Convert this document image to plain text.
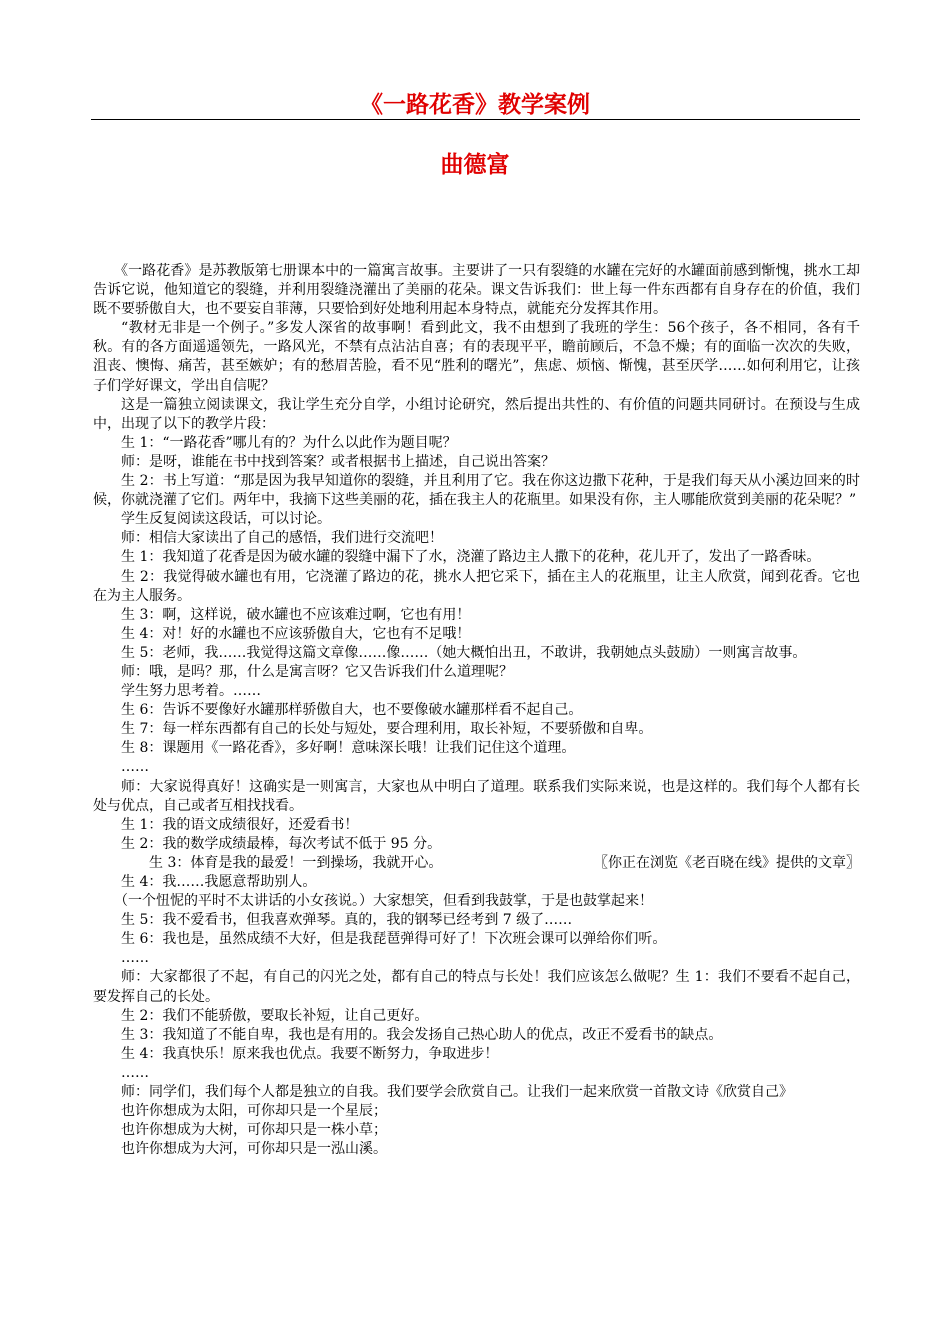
《一路花香》教学案例
曲德富

《一路花香》是苏教版第七册课本中的一篇寓言故事。主要讲了一只有裂缝的水罐在完好的水罐面前感到惭愧，挑水工却告诉它说，他知道它的裂缝，并利用裂缝浇灌出了美丽的花朵。课文告诉我们：世上每一件东西都有自身存在的价值，我们既不要骄傲自大，也不要妄自菲薄，只要恰到好处地利用起本身特点，就能充分发挥其作用。

“教材无非是一个例子。”多发人深省的故事啊！看到此文，我不由想到了我班的学生：56个孩子，各不相同，各有千秋。有的各方面遥遥领先，一路风光，不禁有点沾沾自喜；有的表现平平，瞻前顾后，不急不燥；有的面临一次次的失败，沮丧、懊悔、痛苦，甚至嫉妒；有的愁眉苦脸，看不见“胜利的曙光”，焦虑、烦恼、惭愧，甚至厌学……如何利用它，让孩子们学好课文，学出自信呢？

这是一篇独立阅读课文，我让学生充分自学，小组讨论研究，然后提出共性的、有价值的问题共同研讨。在预设与生成中，出现了以下的教学片段：

生 1：“一路花香”哪儿有的？为什么以此作为题目呢？

师：是呀，谁能在书中找到答案？或者根据书上描述，自己说出答案？

生 2：书上写道：“那是因为我早知道你的裂缝，并且利用了它。我在你这边撒下花种，于是我们每天从小溪边回来的时候，你就浇灌了它们。两年中，我摘下这些美丽的花，插在我主人的花瓶里。如果没有你，主人哪能欣赏到美丽的花朵呢？”

学生反复阅读这段话，可以讨论。

师：相信大家读出了自己的感悟，我们进行交流吧！

生 1：我知道了花香是因为破水罐的裂缝中漏下了水，浇灌了路边主人撒下的花种，花儿开了，发出了一路香味。

生 2：我觉得破水罐也有用，它浇灌了路边的花，挑水人把它采下，插在主人的花瓶里，让主人欣赏，闻到花香。它也在为主人服务。

生 3：啊，这样说，破水罐也不应该难过啊，它也有用！

生 4：对！好的水罐也不应该骄傲自大，它也有不足哦！

生 5：老师，我……我觉得这篇文章像……像……（她大概怕出丑，不敢讲，我朝她点头鼓励）一则寓言故事。

师：哦，是吗？那，什么是寓言呀？它又告诉我们什么道理呢？

学生努力思考着。……

生 6：告诉不要像好水罐那样骄傲自大，也不要像破水罐那样看不起自己。

生 7：每一样东西都有自己的长处与短处，要合理利用，取长补短，不要骄傲和自卑。

生 8：课题用《一路花香》，多好啊！意味深长哦！让我们记住这个道理。

……

师：大家说得真好！这确实是一则寓言，大家也从中明白了道理。联系我们实际来说，也是这样的。我们每个人都有长处与优点，自己或者互相找找看。

生 1：我的语文成绩很好，还爱看书！

生 2：我的数学成绩最棒，每次考试不低于 95 分。

生 3：体育是我的最爱！一到操场，我就开心。	〖你正在浏览《老百晓在线》提供的文章〗

生 4：我……我愿意帮助别人。

（一个忸怩的平时不太讲话的小女孩说。）大家想笑，但看到我鼓掌，于是也鼓掌起来！

生 5：我不爱看书，但我喜欢弹琴。真的，我的钢琴已经考到 7 级了……

生 6：我也是，虽然成绩不大好，但是我琵琶弹得可好了！下次班会课可以弹给你们听。

……

师：大家都很了不起，有自己的闪光之处，都有自己的特点与长处！我们应该怎么做呢？生 1：我们不要看不起自己，要发挥自己的长处。

生 2：我们不能骄傲，要取长补短，让自己更好。

生 3：我知道了不能自卑，我也是有用的。我会发扬自己热心助人的优点，改正不爱看书的缺点。

生 4：我真快乐！原来我也优点。我要不断努力，争取进步！

……

师：同学们，我们每个人都是独立的自我。我们要学会欣赏自己。让我们一起来欣赏一首散文诗《欣赏自己》

也许你想成为太阳，可你却只是一个星辰；

也许你想成为大树，可你却只是一株小草；

也许你想成为大河，可你却只是一泓山溪。
